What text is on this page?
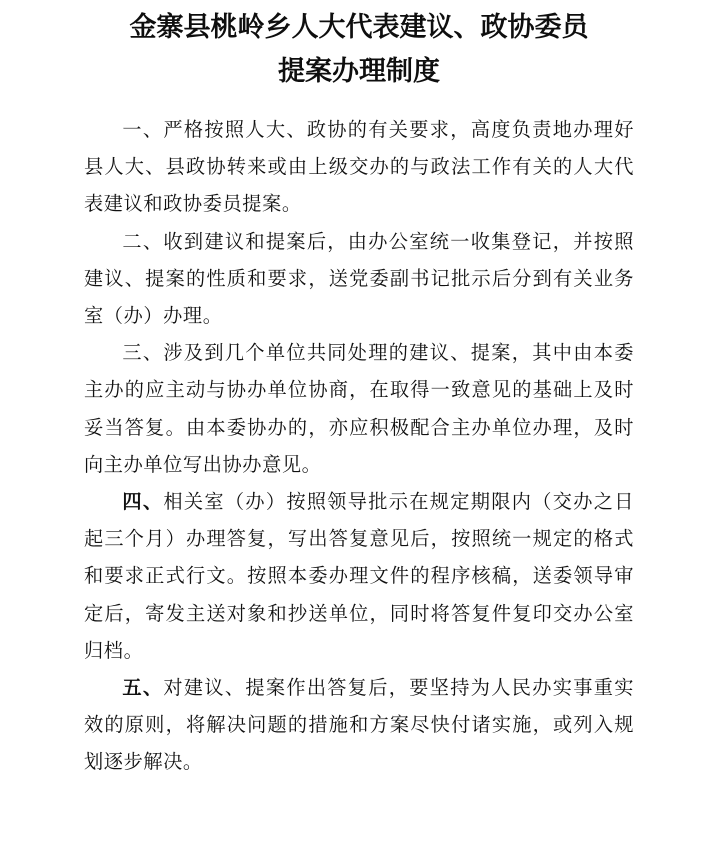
金寨县桃岭乡人大代表建议、政协委员
提案办理制度

一、严格按照人大、政协的有关要求，高度负责地办理好县人大、县政协转来或由上级交办的与政法工作有关的人大代表建议和政协委员提案。

二、收到建议和提案后，由办公室统一收集登记，并按照建议、提案的性质和要求，送党委副书记批示后分到有关业务室（办）办理。

三、涉及到几个单位共同处理的建议、提案，其中由本委主办的应主动与协办单位协商，在取得一致意见的基础上及时妥当答复。由本委协办的，亦应积极配合主办单位办理，及时向主办单位写出协办意见。

四、相关室（办）按照领导批示在规定期限内（交办之日起三个月）办理答复，写出答复意见后，按照统一规定的格式和要求正式行文。按照本委办理文件的程序核稿，送委领导审定后，寄发主送对象和抄送单位，同时将答复件复印交办公室归档。

五、对建议、提案作出答复后，要坚持为人民办实事重实效的原则，将解决问题的措施和方案尽快付诸实施，或列入规划逐步解决。
